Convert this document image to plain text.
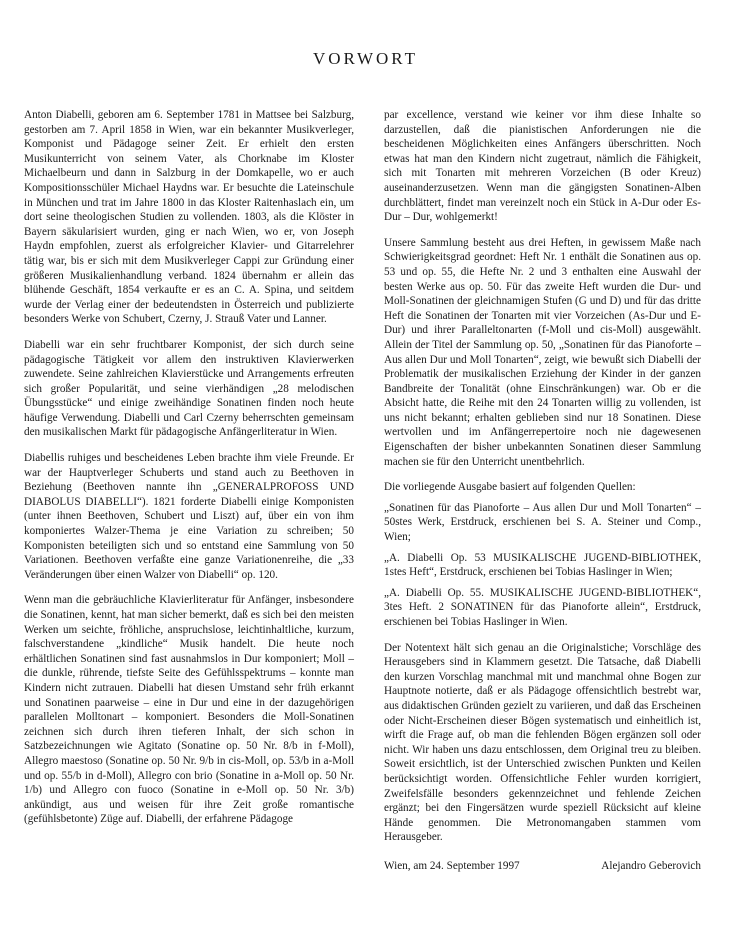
VORWORT

Anton Diabelli, geboren am 6. September 1781 in Mattsee bei Salzburg, gestorben am 7. April 1858 in Wien, war ein bekannter Musikverleger, Komponist und Pädagoge seiner Zeit. Er erhielt den ersten Musikunterricht von seinem Vater, als Chorknabe im Kloster Michaelbeurn und dann in Salzburg in der Domkapelle, wo er auch Kompositionsschüler Michael Haydns war. Er besuchte die Lateinschule in München und trat im Jahre 1800 in das Kloster Raitenhaslach ein, um dort seine theologischen Studien zu vollenden. 1803, als die Klöster in Bayern säkularisiert wurden, ging er nach Wien, wo er, von Joseph Haydn empfohlen, zuerst als erfolgreicher Klavier- und Gitarrelehrer tätig war, bis er sich mit dem Musikverleger Cappi zur Gründung einer größeren Musikalienhandlung verband. 1824 übernahm er allein das blühende Geschäft, 1854 verkaufte er es an C. A. Spina, und seitdem wurde der Verlag einer der bedeutendsten in Österreich und publizierte besonders Werke von Schubert, Czerny, J. Strauß Vater und Lanner.

Diabelli war ein sehr fruchtbarer Komponist, der sich durch seine pädagogische Tätigkeit vor allem den instruktiven Klavierwerken zuwendete. Seine zahlreichen Klavierstücke und Arrangements erfreuten sich großer Popularität, und seine vierhändigen „28 melodischen Übungsstücke“ und einige zweihändige Sonatinen finden noch heute häufige Verwendung. Diabelli und Carl Czerny beherrschten gemeinsam den musikalischen Markt für pädagogische Anfängerliteratur in Wien.

Diabellis ruhiges und bescheidenes Leben brachte ihm viele Freunde. Er war der Hauptverleger Schuberts und stand auch zu Beethoven in Beziehung (Beethoven nannte ihn „GENERALPROFOSS UND DIABOLUS DIABELLI“). 1821 forderte Diabelli einige Komponisten (unter ihnen Beethoven, Schubert und Liszt) auf, über ein von ihm komponiertes Walzer-Thema je eine Variation zu schreiben; 50 Komponisten beteiligten sich und so entstand eine Sammlung von 50 Variationen. Beethoven verfaßte eine ganze Variationenreihe, die „33 Veränderungen über einen Walzer von Diabelli“ op. 120.

Wenn man die gebräuchliche Klavierliteratur für Anfänger, insbesondere die Sonatinen, kennt, hat man sicher bemerkt, daß es sich bei den meisten Werken um seichte, fröhliche, anspruchslose, leichtinhaltliche, kurzum, falschverstandene „kindliche“ Musik handelt. Die heute noch erhältlichen Sonatinen sind fast ausnahmslos in Dur komponiert; Moll – die dunkle, rührende, tiefste Seite des Gefühlsspektrums – konnte man Kindern nicht zutrauen. Diabelli hat diesen Umstand sehr früh erkannt und Sonatinen paarweise – eine in Dur und eine in der dazugehörigen parallelen Molltonart – komponiert. Besonders die Moll-Sonatinen zeichnen sich durch ihren tieferen Inhalt, der sich schon in Satzbezeichnungen wie Agitato (Sonatine op. 50 Nr. 8/b in f-Moll), Allegro maestoso (Sonatine op. 50 Nr. 9/b in cis-Moll, op. 53/b in a-Moll und op. 55/b in d-Moll), Allegro con brio (Sonatine in a-Moll op. 50 Nr. 1/b) und Allegro con fuoco (Sonatine in e-Moll op. 50 Nr. 3/b) ankündigt, aus und weisen für ihre Zeit große romantische (gefühlsbetonte) Züge auf. Diabelli, der erfahrene Pädagoge

par excellence, verstand wie keiner vor ihm diese Inhalte so darzustellen, daß die pianistischen Anforderungen nie die bescheidenen Möglichkeiten eines Anfängers überschritten. Noch etwas hat man den Kindern nicht zugetraut, nämlich die Fähigkeit, sich mit Tonarten mit mehreren Vorzeichen (B oder Kreuz) auseinanderzusetzen. Wenn man die gängigsten Sonatinen-Alben durchblättert, findet man vereinzelt noch ein Stück in A-Dur oder Es-Dur – Dur, wohlgemerkt!

Unsere Sammlung besteht aus drei Heften, in gewissem Maße nach Schwierigkeitsgrad geordnet: Heft Nr. 1 enthält die Sonatinen aus op. 53 und op. 55, die Hefte Nr. 2 und 3 enthalten eine Auswahl der besten Werke aus op. 50. Für das zweite Heft wurden die Dur- und Moll-Sonatinen der gleichnamigen Stufen (G und D) und für das dritte Heft die Sonatinen der Tonarten mit vier Vorzeichen (As-Dur und E-Dur) und ihrer Paralleltonarten (f-Moll und cis-Moll) ausgewählt. Allein der Titel der Sammlung op. 50, „Sonatinen für das Pianoforte – Aus allen Dur und Moll Tonarten“, zeigt, wie bewußt sich Diabelli der Problematik der musikalischen Erziehung der Kinder in der ganzen Bandbreite der Tonalität (ohne Einschränkungen) war. Ob er die Absicht hatte, die Reihe mit den 24 Tonarten willig zu vollenden, ist uns nicht bekannt; erhalten geblieben sind nur 18 Sonatinen. Diese wertvollen und im Anfängerrepertoire noch nie dagewesenen Eigenschaften der bisher unbekannten Sonatinen dieser Sammlung machen sie für den Unterricht unentbehrlich.

Die vorliegende Ausgabe basiert auf folgenden Quellen:

„Sonatinen für das Pianoforte – Aus allen Dur und Moll Tonarten“ – 50stes Werk, Erstdruck, erschienen bei S. A. Steiner und Comp., Wien;

„A. Diabelli Op. 53 MUSIKALISCHE JUGEND-BIBLIOTHEK, 1stes Heft“, Erstdruck, erschienen bei Tobias Haslinger in Wien;

„A. Diabelli Op. 55. MUSIKALISCHE JUGEND-BIBLIOTHEK“, 3tes Heft. 2 SONATINEN für das Pianoforte allein“, Erstdruck, erschienen bei Tobias Haslinger in Wien.

Der Notentext hält sich genau an die Originalstiche; Vorschläge des Herausgebers sind in Klammern gesetzt. Die Tatsache, daß Diabelli den kurzen Vorschlag manchmal mit und manchmal ohne Bogen zur Hauptnote notierte, daß er als Pädagoge offensichtlich bestrebt war, aus didaktischen Gründen gezielt zu variieren, und daß das Erscheinen oder Nicht-Erscheinen dieser Bögen systematisch und einheitlich ist, wirft die Frage auf, ob man die fehlenden Bögen ergänzen soll oder nicht. Wir haben uns dazu entschlossen, dem Original treu zu bleiben. Soweit ersichtlich, ist der Unterschied zwischen Punkten und Keilen berücksichtigt worden. Offensichtliche Fehler wurden korrigiert, Zweifelsfälle besonders gekennzeichnet und fehlende Zeichen ergänzt; bei den Fingersätzen wurde speziell Rücksicht auf kleine Hände genommen. Die Metronomangaben stammen vom Herausgeber.

Wien, am 24. September 1997	Alejandro Geberovich
